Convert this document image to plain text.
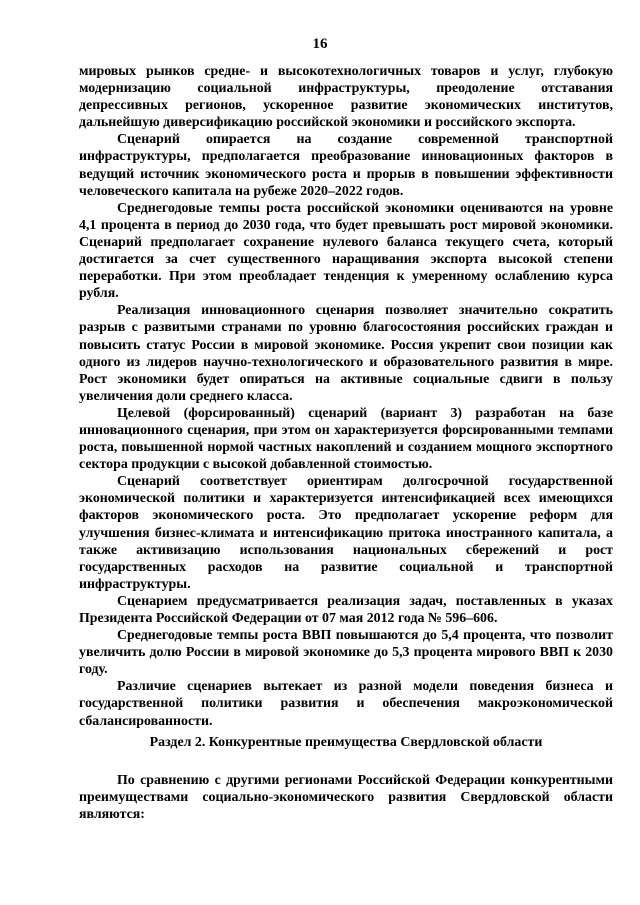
16

мировых рынков средне- и высокотехнологичных товаров и услуг, глубокую модернизацию социальной инфраструктуры, преодоление отставания депрессивных регионов, ускоренное развитие экономических институтов, дальнейшую диверсификацию российской экономики и российского экспорта.

Сценарий опирается на создание современной транспортной инфраструктуры, предполагается преобразование инновационных факторов в ведущий источник экономического роста и прорыв в повышении эффективности человеческого капитала на рубеже 2020–2022 годов.

Среднегодовые темпы роста российской экономики оцениваются на уровне 4,1 процента в период до 2030 года, что будет превышать рост мировой экономики. Сценарий предполагает сохранение нулевого баланса текущего счета, который достигается за счет существенного наращивания экспорта высокой степени переработки. При этом преобладает тенденция к умеренному ослаблению курса рубля.

Реализация инновационного сценария позволяет значительно сократить разрыв с развитыми странами по уровню благосостояния российских граждан и повысить статус России в мировой экономике. Россия укрепит свои позиции как одного из лидеров научно-технологического и образовательного развития в мире. Рост экономики будет опираться на активные социальные сдвиги в пользу увеличения доли среднего класса.

Целевой (форсированный) сценарий (вариант 3) разработан на базе инновационного сценария, при этом он характеризуется форсированными темпами роста, повышенной нормой частных накоплений и созданием мощного экспортного сектора продукции с высокой добавленной стоимостью.

Сценарий соответствует ориентирам долгосрочной государственной экономической политики и характеризуется интенсификацией всех имеющихся факторов экономического роста. Это предполагает ускорение реформ для улучшения бизнес-климата и интенсификацию притока иностранного капитала, а также активизацию использования национальных сбережений и рост государственных расходов на развитие социальной и транспортной инфраструктуры.

Сценарием предусматривается реализация задач, поставленных в указах Президента Российской Федерации от 07 мая 2012 года № 596–606.

Среднегодовые темпы роста ВВП повышаются до 5,4 процента, что позволит увеличить долю России в мировой экономике до 5,3 процента мирового ВВП к 2030 году.

Различие сценариев вытекает из разной модели поведения бизнеса и государственной политики развития и обеспечения макроэкономической сбалансированности.

Раздел 2. Конкурентные преимущества Свердловской области

По сравнению с другими регионами Российской Федерации конкурентными преимуществами социально-экономического развития Свердловской области являются:
